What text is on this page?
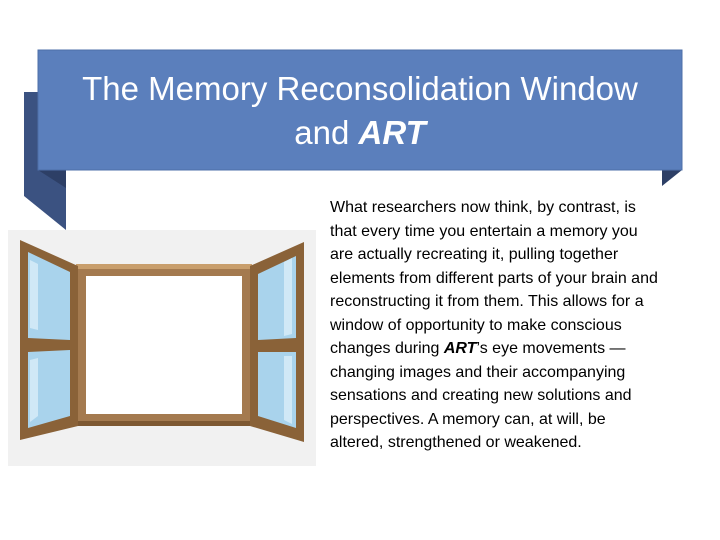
The Memory Reconsolidation Window
and ART
What researchers now think, by contrast, is that every time you entertain a memory you are actually recreating it, pulling together elements from different parts of your brain and reconstructing it from them. This allows for a window of opportunity to make conscious changes during ART’s eye movements — changing images and their accompanying sensations and creating new solutions and perspectives. A memory can, at will, be altered, strengthened or weakened.
